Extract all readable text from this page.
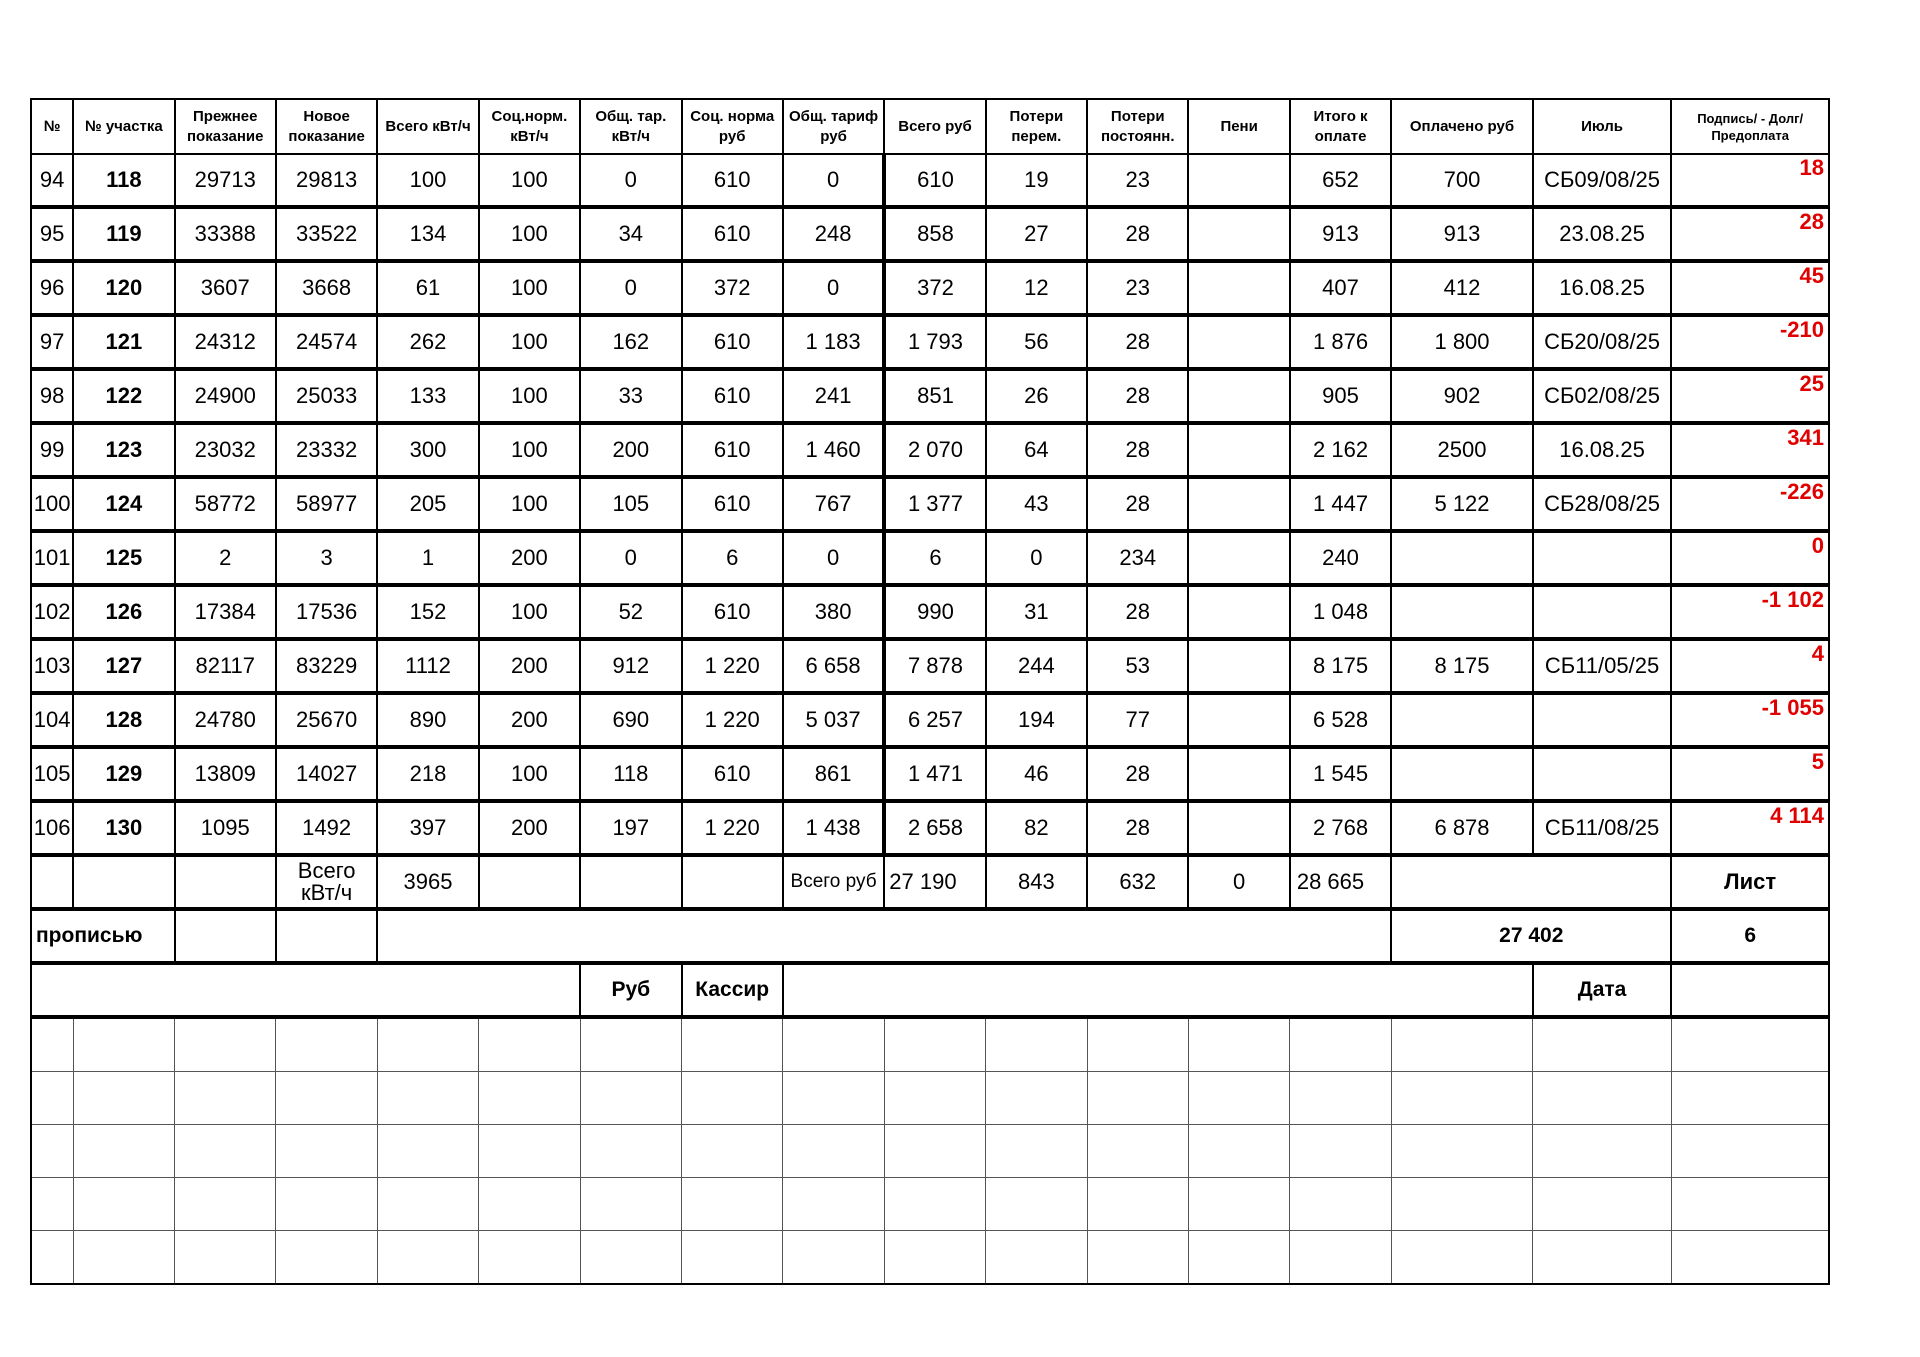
№	№ участка	Прежнее показание	Новое показание	Всего кВт/ч	Соц.норм. кВт/ч	Общ. тар. кВт/ч	Соц. норма руб	Общ. тариф руб	Всего руб	Потери перем.	Потери постоянн.	Пени	Итого к оплате	Оплачено руб	Июль	Подпись/ - Долг/Предоплата
94	118	29713	29813	100	100	0	610	0	610	19	23		652	700	СБ09/08/25	18
95	119	33388	33522	134	100	34	610	248	858	27	28		913	913	23.08.25	28
96	120	3607	3668	61	100	0	372	0	372	12	23		407	412	16.08.25	45
97	121	24312	24574	262	100	162	610	1 183	1 793	56	28		1 876	1 800	СБ20/08/25	-210
98	122	24900	25033	133	100	33	610	241	851	26	28		905	902	СБ02/08/25	25
99	123	23032	23332	300	100	200	610	1 460	2 070	64	28		2 162	2500	16.08.25	341
100	124	58772	58977	205	100	105	610	767	1 377	43	28		1 447	5 122	СБ28/08/25	-226
101	125	2	3	1	200	0	6	0	6	0	234		240			0
102	126	17384	17536	152	100	52	610	380	990	31	28		1 048			-1 102
103	127	82117	83229	1112	200	912	1 220	6 658	7 878	244	53		8 175	8 175	СБ11/05/25	4
104	128	24780	25670	890	200	690	1 220	5 037	6 257	194	77		6 528			-1 055
105	129	13809	14027	218	100	118	610	861	1 471	46	28		1 545			5
106	130	1095	1492	397	200	197	1 220	1 438	2 658	82	28		2 768	6 878	СБ11/08/25	4 114
			Всего кВт/ч	3965				Всего руб	27 190	843	632	0	28 665			Лист
прописью														27 402		6
						Руб	Кассир								Дата	
